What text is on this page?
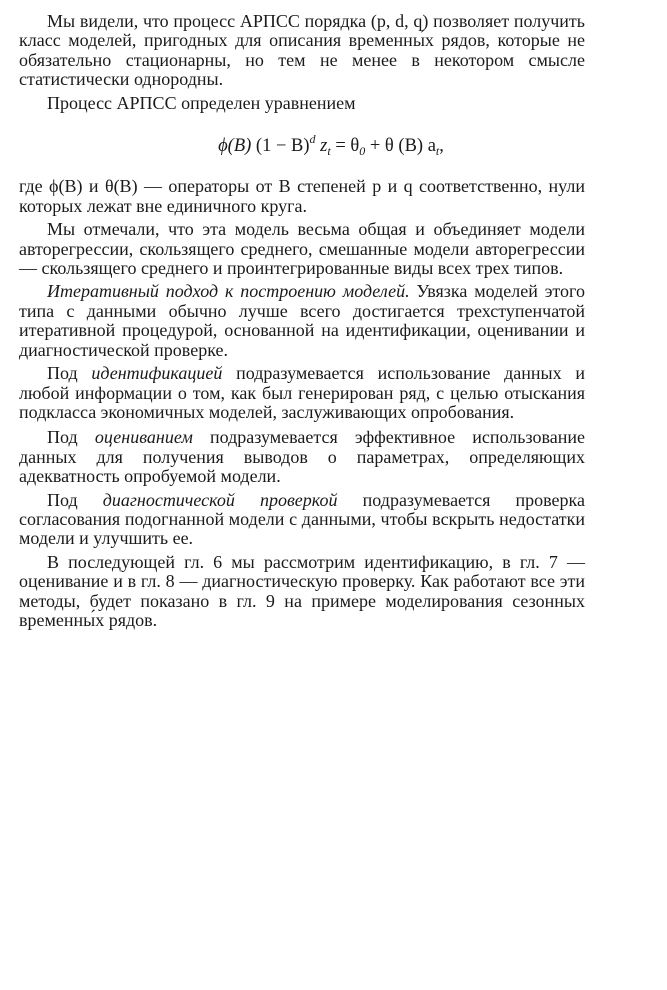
Мы видели, что процесс АРПСС порядка (p, d, q) позволяет получить класс моделей, пригодных для описания временны́х рядов, которые не обязательно стационарны, но тем не менее в некотором смысле статистически однородны.

Процесс АРПСС определен уравнением

ϕ(B) $(1 - B)^d$ $z_t = \theta_0 + \theta$ (B) $a_t$,

где ϕ(B) и θ(B) — операторы от B степеней p и q соответственно, нули которых лежат вне единичного круга.

Мы отмечали, что эта модель весьма общая и объединяет модели авторегрессии, скользящего среднего, смешанные модели авторегрессии — скользящего среднего и проинтегрированные виды всех трех типов.

Итеративный подход к построению моделей. Увязка моделей этого типа с данными обычно лучше всего достигается трехступенчатой итеративной процедурой, основанной на идентификации, оценивании и диагностической проверке.

Под идентификацией подразумевается использование данных и любой информации о том, как был генерирован ряд, с целью отыскания подкласса экономичных моделей, заслуживающих опробования.

Под оцениванием подразумевается эффективное использование данных для получения выводов о параметрах, определяющих адекватность опробуемой модели.

Под диагностической проверкой подразумевается проверка согласования подогнанной модели с данными, чтобы вскрыть недостатки модели и улучшить ее.

В последующей гл. 6 мы рассмотрим идентификацию, в гл. 7 — оценивание и в гл. 8 — диагностическую проверку. Как работают все эти методы, будет показано в гл. 9 на примере моделирования сезонных временны́х рядов.
